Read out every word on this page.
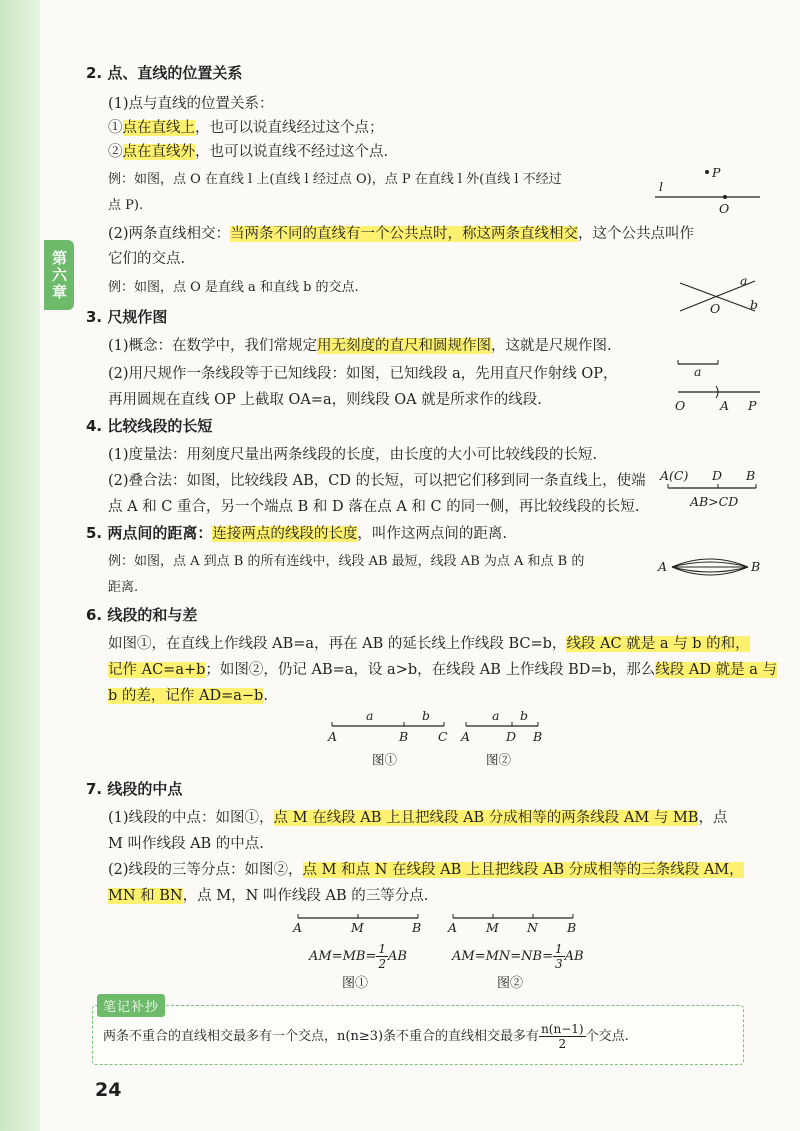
第六章
2. 点、直线的位置关系
(1)点与直线的位置关系：
①点在直线上，也可以说直线经过这个点；
②点在直线外，也可以说直线不经过这个点.
例：如图，点 O 在直线 l 上(直线 l 经过点 O)，点 P 在直线 l 外(直线 l 不经过
点 P).
(2)两条直线相交：当两条不同的直线有一个公共点时，称这两条直线相交，这个公共点叫作
它们的交点.
例：如图，点 O 是直线 a 和直线 b 的交点.
l
P
O
a
b
O
3. 尺规作图
(1)概念：在数学中，我们常规定用无刻度的直尺和圆规作图，这就是尺规作图.
(2)用尺规作一条线段等于已知线段：如图，已知线段 a，先用直尺作射线 OP，
再用圆规在直线 OP 上截取 OA=a，则线段 OA 就是所求作的线段.
a
O	A P
4. 比较线段的长短
(1)度量法：用刻度尺量出两条线段的长度，由长度的大小可比较线段的长短.
(2)叠合法：如图，比较线段 AB，CD 的长短，可以把它们移到同一条直线上，使端
点 A 和 C 重合，另一个端点 B 和 D 落在点 A 和 C 的同一侧，再比较线段的长短.
A(C) D B
AB>CD
5. 两点间的距离：连接两点的线段的长度，叫作这两点间的距离.
例：如图，点 A 到点 B 的所有连线中，线段 AB 最短，线段 AB 为点 A 和点 B 的
距离.
A	B
6. 线段的和与差
如图①，在直线上作线段 AB=a，再在 AB 的延长线上作线段 BC=b，线段 AC 就是 a 与 b 的和，
记作 AC=a+b；如图②，仍记 AB=a，设 a>b，在线段 AB 上作线段 BD=b，那么线段 AD 就是 a 与
b 的差，记作 AD=a−b.
a	b
A	B C
图①
a b
A	D B
图②
7. 线段的中点
(1)线段的中点：如图①，点 M 在线段 AB 上且把线段 AB 分成相等的两条线段 AM 与 MB，点
M 叫作线段 AB 的中点.
(2)线段的三等分点：如图②，点 M 和点 N 在线段 AB 上且把线段 AB 分成相等的三条线段 AM，
MN 和 BN，点 M，N 叫作线段 AB 的三等分点.
A	M	B
$AM=MB= \frac{1}{2}$ AB
图①
A M N B
$AM=MN=NB= \frac{1}{3}$ AB
图②
笔记补抄
两条不重合的直线相交最多有一个交点，n(n≥3)条不重合的直线相交最多有 $\frac{n(n-1)}{2}$ 个交点.
24
